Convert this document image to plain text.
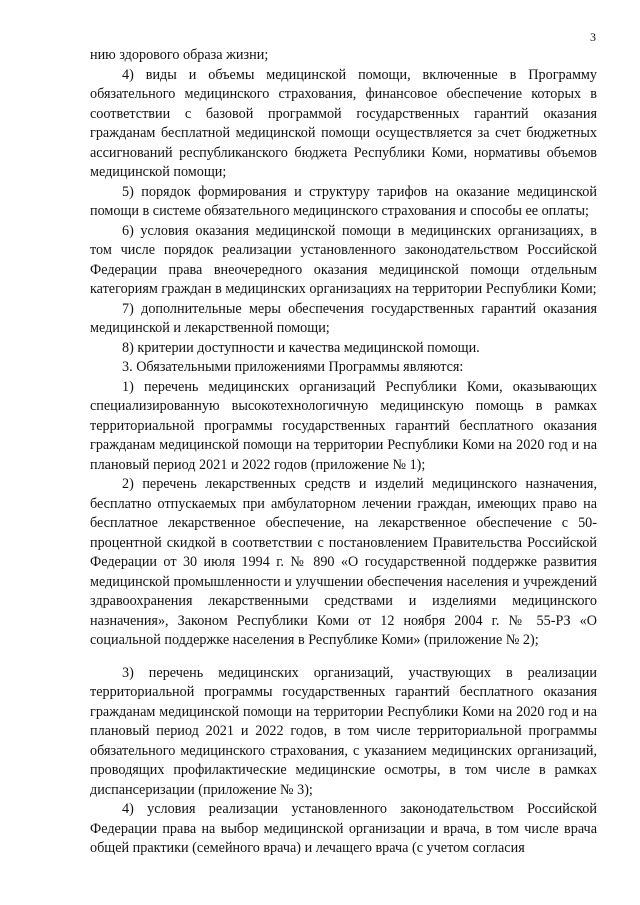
3

нию здорового образа жизни;

4) виды и объемы медицинской помощи, включенные в Программу обязательного медицинского страхования, финансовое обеспечение которых в соответствии с базовой программой государственных гарантий оказания гражданам бесплатной медицинской помощи осуществляется за счет бюджетных ассигнований республиканского бюджета Республики Коми, нормативы объемов медицинской помощи;

5) порядок формирования и структуру тарифов на оказание медицинской помощи в системе обязательного медицинского страхования и способы ее оплаты;

6) условия оказания медицинской помощи в медицинских организациях, в том числе порядок реализации установленного законодательством Российской Федерации права внеочередного оказания медицинской помощи отдельным категориям граждан в медицинских организациях на территории Республики Коми;

7) дополнительные меры обеспечения государственных гарантий оказания медицинской и лекарственной помощи;

8) критерии доступности и качества медицинской помощи.

3. Обязательными приложениями Программы являются:

1) перечень медицинских организаций Республики Коми, оказывающих специализированную высокотехнологичную медицинскую помощь в рамках территориальной программы государственных гарантий бесплатного оказания гражданам медицинской помощи на территории Республики Коми на 2020 год и на плановый период 2021 и 2022 годов (приложение № 1);

2) перечень лекарственных средств и изделий медицинского назначения, бесплатно отпускаемых при амбулаторном лечении граждан, имеющих право на бесплатное лекарственное обеспечение, на лекарственное обеспечение с 50-процентной скидкой в соответствии с постановлением Правительства Российской Федерации от 30 июля 1994 г. № 890 «О государственной поддержке развития медицинской промышленности и улучшении обеспечения населения и учреждений здравоохранения лекарственными средствами и изделиями медицинского назначения», Законом Республики Коми от 12 ноября 2004 г. № 55-РЗ «О социальной поддержке населения в Республике Коми» (приложение № 2);

3) перечень медицинских организаций, участвующих в реализации территориальной программы государственных гарантий бесплатного оказания гражданам медицинской помощи на территории Республики Коми на 2020 год и на плановый период 2021 и 2022 годов, в том числе территориальной программы обязательного медицинского страхования, с указанием медицинских организаций, проводящих профилактические медицинские осмотры, в том числе в рамках диспансеризации (приложение № 3);

4) условия реализации установленного законодательством Российской Федерации права на выбор медицинской организации и врача, в том числе врача общей практики (семейного врача) и лечащего врача (с учетом согласия
